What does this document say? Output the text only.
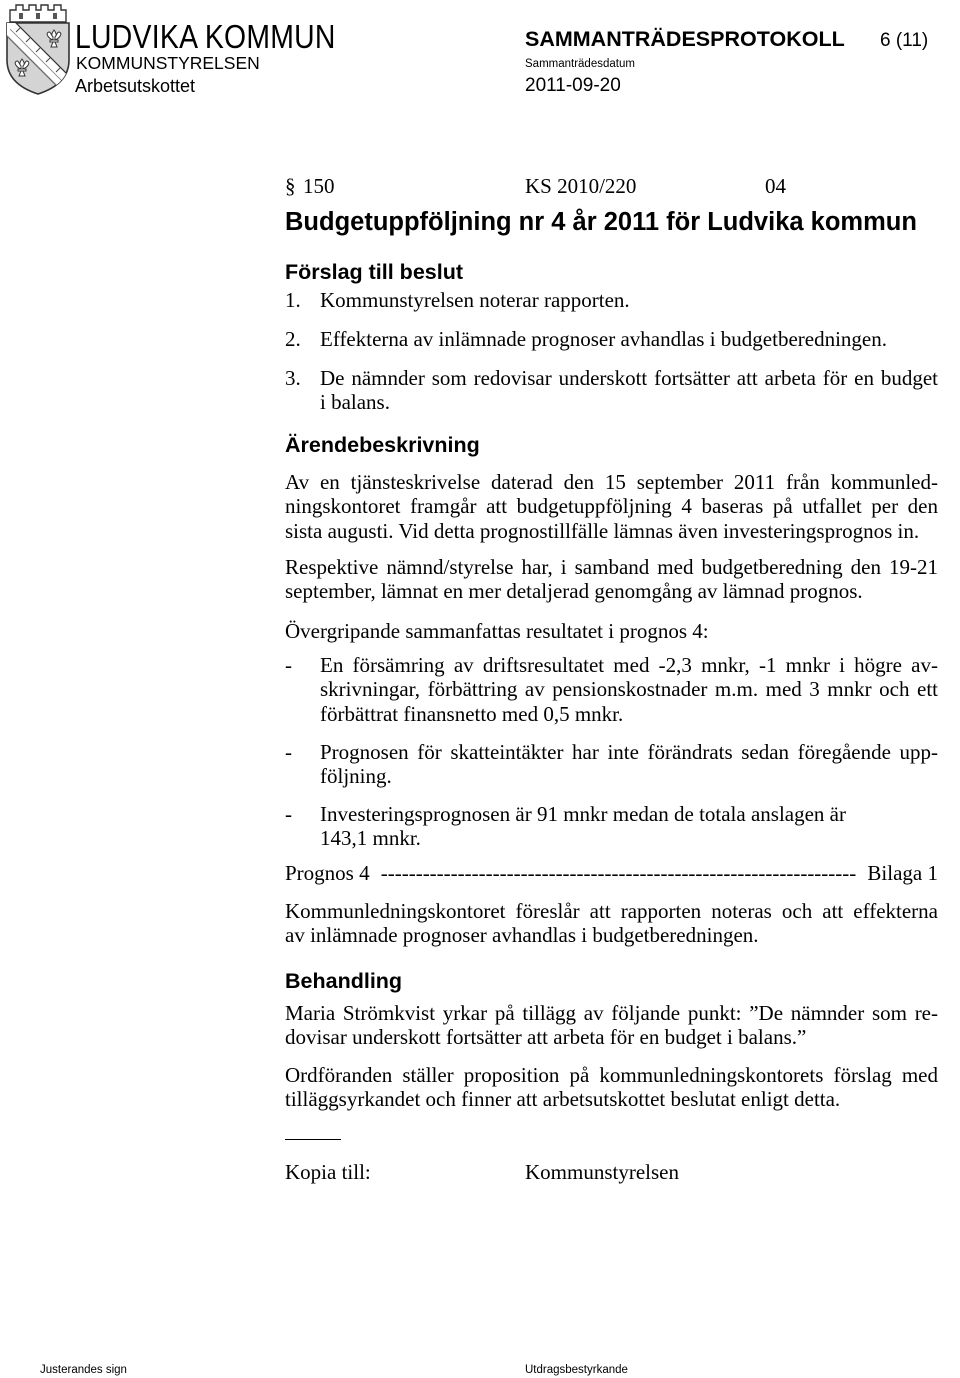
LUDVIKA KOMMUN
KOMMUNSTYRELSEN
Arbetsutskottet
SAMMANTRÄDESPROTOKOLL 6 (11)
Sammanträdesdatum
2011-09-20
§ 150	KS 2010/220	04
Budgetuppföljning nr 4 år 2011 för Ludvika kommun
Förslag till beslut
1. Kommunstyrelsen noterar rapporten.
2. Effekterna av inlämnade prognoser avhandlas i budgetberedningen.
3. De nämnder som redovisar underskott fortsätter att arbeta för en budget
i balans.
Ärendebeskrivning
Av en tjänsteskrivelse daterad den 15 september 2011 från kommunled-
ningskontoret framgår att budgetuppföljning 4 baseras på utfallet per den
sista augusti. Vid detta prognostillfälle lämnas även investeringsprognos in.
Respektive nämnd/styrelse har, i samband med budgetberedning den 19-21
september, lämnat en mer detaljerad genomgång av lämnad prognos.
Övergripande sammanfattas resultatet i prognos 4:
- En försämring av driftsresultatet med -2,3 mnkr, -1 mnkr i högre av-
skrivningar, förbättring av pensionskostnader m.m. med 3 mnkr och ett
förbättrat finansnetto med 0,5 mnkr.
- Prognosen för skatteintäkter har inte förändrats sedan föregående upp-
följning.
- Investeringsprognosen är 91 mnkr medan de totala anslagen är
143,1 mnkr.
Prognos 4 -------------------------------------------------------------------- Bilaga 1
Kommunledningskontoret föreslår att rapporten noteras och att effekterna
av inlämnade prognoser avhandlas i budgetberedningen.
Behandling
Maria Strömkvist yrkar på tillägg av följande punkt: ”De nämnder som re-
dovisar underskott fortsätter att arbeta för en budget i balans.”
Ordföranden ställer proposition på kommunledningskontorets förslag med
tilläggsyrkandet och finner att arbetsutskottet beslutat enligt detta.
Kopia till:	Kommunstyrelsen
Justerandes sign	Utdragsbestyrkande
